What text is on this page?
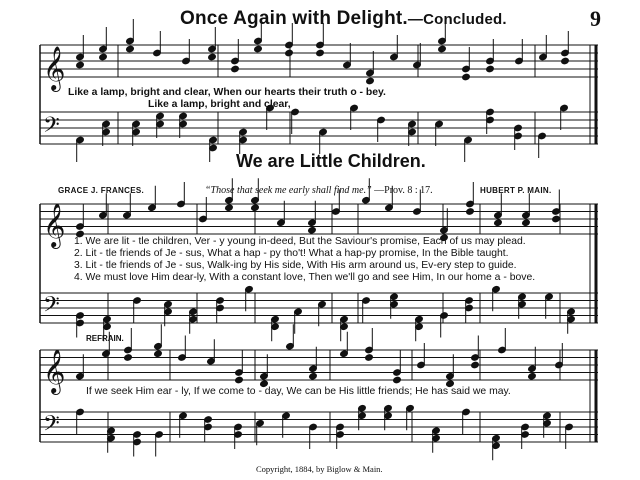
Once Again with Delight.—Concluded.	9
𝄞
𝄢
𝄞
𝄢
𝄞
𝄢
Like a lamp, bright and clear, When our hearts their truth o - bey.
Like a lamp, bright and clear,
We are Little Children.
GRACE J. FRANCES.	“Those that seek me early shall find me.” —Prov. 8 : 17.	HUBERT P. MAIN.
1. We are lit - tle children, Ver - y young in-deed, But the Saviour's promise, Each of us may plead.
2. Lit - tle friends of Je - sus, What a hap - py tho't! What a hap-py promise, In the Bible taught.
3. Lit - tle friends of Je - sus, Walk-ing by His side, With His arm around us, Ev-ery step to guide.
4. We must love Him dear-ly, With a constant love, Then we'll go and see Him, In our home a - bove.
REFRAIN.
If we seek Him ear - ly, If we come to - day, We can be His little friends; He has said we may.
Copyright, 1884, by Biglow & Main.
